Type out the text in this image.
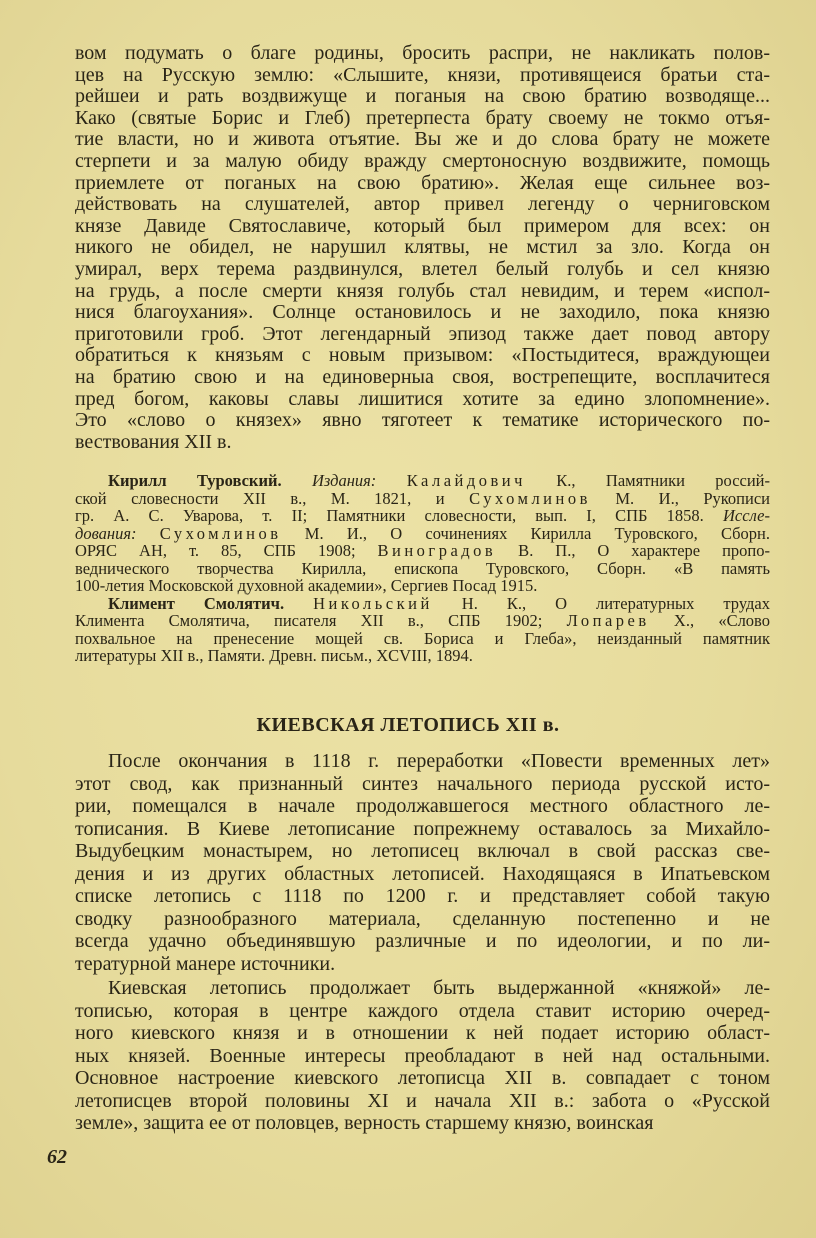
вом подумать о благе родины, бросить распри, не накликать полов-
цев на Русскую землю: «Слышите, князи, противящеися братьи ста-
рейшеи и рать воздвижуще и поганыя на свою братию возводяще...
Како (святые Борис и Глеб) претерпеста брату своему не токмо отъя-
тие власти, но и живота отъятие. Вы же и до слова брату не можете
стерпети и за малую обиду вражду смертоносную воздвижите, помощь
приемлете от поганых на свою братию». Желая еще сильнее воз-
действовать на слушателей, автор привел легенду о черниговском
князе Давиде Святославиче, который был примером для всех: он
никого не обидел, не нарушил клятвы, не мстил за зло. Когда он
умирал, верх терема раздвинулся, влетел белый голубь и сел князю
на грудь, а после смерти князя голубь стал невидим, и терем «испол-
нися благоухания». Солнце остановилось и не заходило, пока князю
приготовили гроб. Этот легендарный эпизод также дает повод автору
обратиться к князьям с новым призывом: «Постыдитеся, враждующеи
на братию свою и на единоверныа своя, вострепещите, восплачитеся
пред богом, каковы славы лишитися хотите за едино злопомнение».
Это «слово о князех» явно тяготеет к тематике исторического по-
вествования XII в.
Кирилл Туровский. Издания: Калайдович К., Памятники россий-
ской словесности XII в., М. 1821, и Сухомлинов М. И., Рукописи
гр. А. С. Уварова, т. II; Памятники словесности, вып. I, СПБ 1858. Иссле-
дования: Сухомлинов М. И., О сочинениях Кирилла Туровского, Сборн.
ОРЯС АН, т. 85, СПБ 1908; Виноградов В. П., О характере пропо-
веднического творчества Кирилла, епископа Туровского, Сборн. «В память
100-летия Московской духовной академии», Сергиев Посад 1915.
Климент Смолятич. Никольский Н. К., О литературных трудах
Климента Смолятича, писателя XII в., СПБ 1902; Лопарев Х., «Слово
похвальное на пренесение мощей св. Бориса и Глеба», неизданный памятник
литературы XII в., Памяти. Древн. письм., XCVIII, 1894.
КИЕВСКАЯ ЛЕТОПИСЬ XII в.
После окончания в 1118 г. переработки «Повести временных лет»
этот свод, как признанный синтез начального периода русской исто-
рии, помещался в начале продолжавшегося местного областного ле-
тописания. В Киеве летописание попрежнему оставалось за Михайло-
Выдубецким монастырем, но летописец включал в свой рассказ све-
дения и из других областных летописей. Находящаяся в Ипатьевском
списке летопись с 1118 по 1200 г. и представляет собой такую
сводку разнообразного материала, сделанную постепенно и не
всегда удачно объединявшую различные и по идеологии, и по ли-
тературной манере источники.
Киевская летопись продолжает быть выдержанной «княжой» ле-
тописью, которая в центре каждого отдела ставит историю очеред-
ного киевского князя и в отношении к ней подает историю област-
ных князей. Военные интересы преобладают в ней над остальными.
Основное настроение киевского летописца XII в. совпадает с тоном
летописцев второй половины XI и начала XII в.: забота о «Русской
земле», защита ее от половцев, верность старшему князю, воинская
62
